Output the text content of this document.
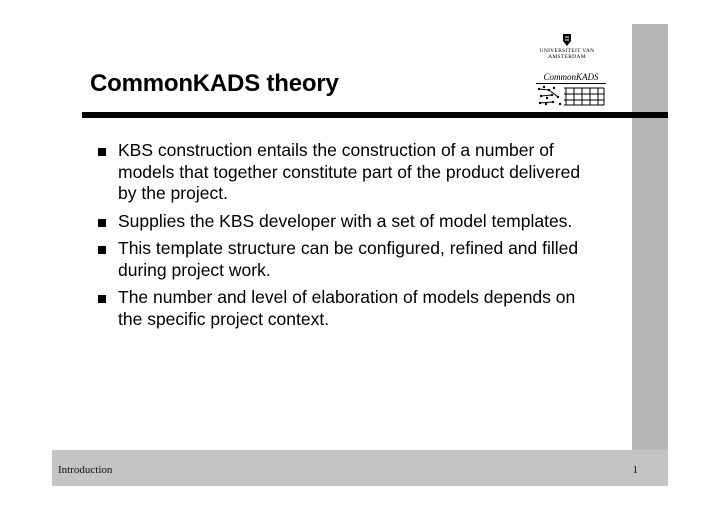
UNIVERSITEIT VAN AMSTERDAM
CommonKADS
CommonKADS theory
KBS construction entails the construction of a number of models that together constitute part of the product delivered by the project.
Supplies the KBS developer with a set of model templates.
This template structure can be configured, refined and filled during project work.
The number and level of elaboration of models depends on the specific project context.
Introduction	1
